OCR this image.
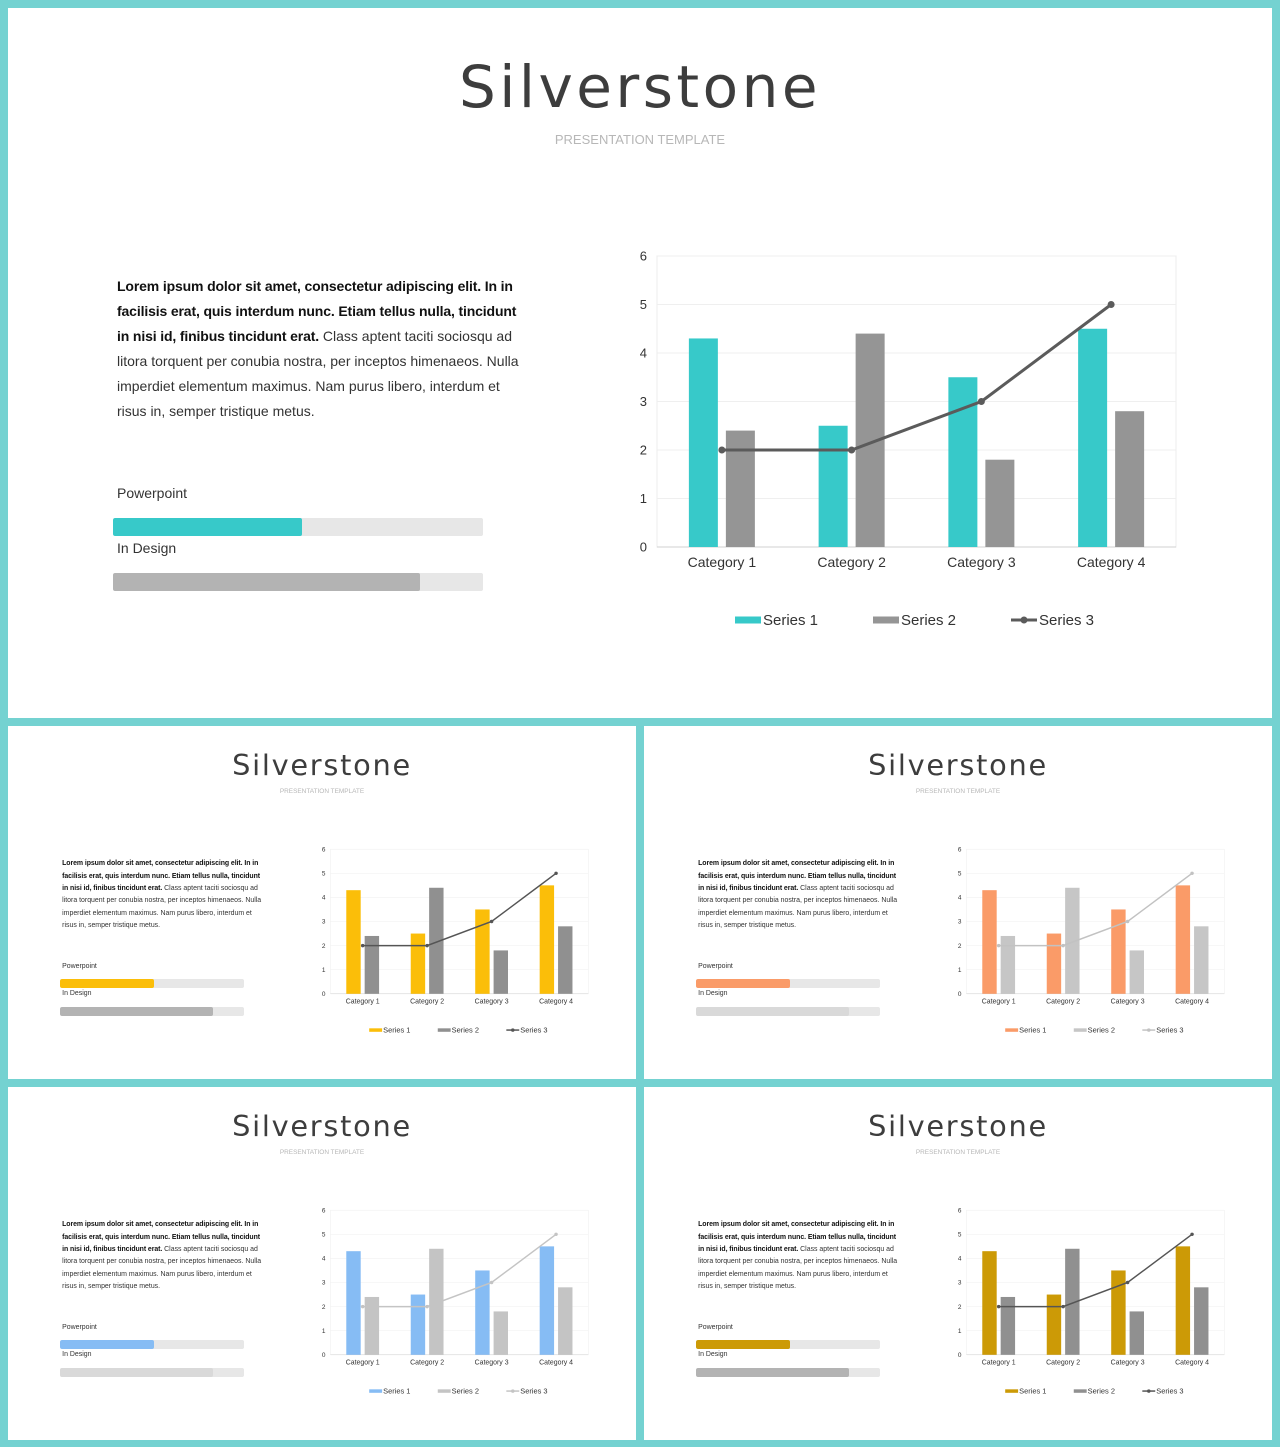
Silverstone

PRESENTATION TEMPLATE

Lorem ipsum dolor sit amet, consectetur adipiscing elit. In in facilisis erat, quis interdum nunc. Etiam tellus nulla, tincidunt in nisi id, finibus tincidunt erat. Class aptent taciti sociosqu ad litora torquent per conubia nostra, per inceptos himenaeos. Nulla imperdiet elementum maximus. Nam purus libero, interdum et risus in, semper tristique metus.

Powerpoint

In Design	0
1
2
3
4
5
6
Category 1	Category 2	Category 3	Category 4
Series 1	Series 2	Series 3
Silverstone

PRESENTATION TEMPLATE

Lorem ipsum dolor sit amet, consectetur adipiscing elit. In in facilisis erat, quis interdum nunc. Etiam tellus nulla, tincidunt in nisi id, finibus tincidunt erat. Class aptent taciti sociosqu ad litora torquent per conubia nostra, per inceptos himenaeos. Nulla imperdiet elementum maximus. Nam purus libero, interdum et risus in, semper tristique metus.

Powerpoint

In Design	0
1
2
3
4
5
6
Category 1	Category 2	Category 3	Category 4
Series 1	Series 2	Series 3
Silverstone

PRESENTATION TEMPLATE

Lorem ipsum dolor sit amet, consectetur adipiscing elit. In in facilisis erat, quis interdum nunc. Etiam tellus nulla, tincidunt in nisi id, finibus tincidunt erat. Class aptent taciti sociosqu ad litora torquent per conubia nostra, per inceptos himenaeos. Nulla imperdiet elementum maximus. Nam purus libero, interdum et risus in, semper tristique metus.

Powerpoint

In Design	0
1
2
3
4
5
6
Category 1	Category 2	Category 3	Category 4
Series 1	Series 2	Series 3
Silverstone

PRESENTATION TEMPLATE

Lorem ipsum dolor sit amet, consectetur adipiscing elit. In in facilisis erat, quis interdum nunc. Etiam tellus nulla, tincidunt in nisi id, finibus tincidunt erat. Class aptent taciti sociosqu ad litora torquent per conubia nostra, per inceptos himenaeos. Nulla imperdiet elementum maximus. Nam purus libero, interdum et risus in, semper tristique metus.

Powerpoint

In Design	0
1
2
3
4
5
6
Category 1	Category 2	Category 3	Category 4
Series 1	Series 2	Series 3
Silverstone

PRESENTATION TEMPLATE

Lorem ipsum dolor sit amet, consectetur adipiscing elit. In in facilisis erat, quis interdum nunc. Etiam tellus nulla, tincidunt in nisi id, finibus tincidunt erat. Class aptent taciti sociosqu ad litora torquent per conubia nostra, per inceptos himenaeos. Nulla imperdiet elementum maximus. Nam purus libero, interdum et risus in, semper tristique metus.

Powerpoint

In Design	0
1
2
3
4
5
6
Category 1	Category 2	Category 3	Category 4
Series 1	Series 2	Series 3
